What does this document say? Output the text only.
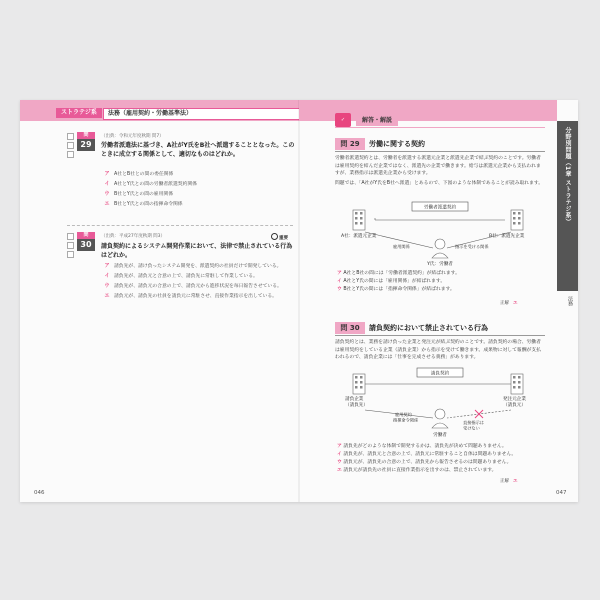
ストラテジ系	法務（雇用契約・労働基準法）
問
29
（出典：令和元年度秋期 問7）
労働者派遣法に基づき、A社がY氏をB社へ派遣することとなった。このときに成立する関係として、適切なものはどれか。
ア A社とB社との間の委任関係
イ A社とY氏との間の労働者派遣契約関係
ウ B社とY氏との間の雇用関係
エ B社とY氏との間の指揮命令関係
問
30
（出典：平成27年度秋期 問3）	重要
請負契約によるシステム開発作業において、法律で禁止されている行為はどれか。
ア 請負先が、請け負ったシステム開発を、派遣契約の社員だけで開発している。
イ 請負先が、請負元と合意の上で、請負先に常駐して作業している。
ウ 請負先が、請負元の合意の上で、請負元から進捗状況を毎日報告させている。
エ 請負元が、請負先の社員を請負元に常駐させ、直接作業指示を出している。
046
✓	解答・解説
問 29	労働に関する契約
労働者派遣契約とは、労働者を派遣する派遣元企業と派遣先企業で結ぶ契約のことです。労働者は雇用契約を結んだ企業ではなく、派遣先の企業で働きます。給与は派遣元企業から支払われますが、業務指示は派遣先企業から受けます。
問題では、「A社がY氏をB社へ派遣」とあるので、下図のような体制であることが読み取れます。
労働者派遣契約
A社：派遣元企業	B社：派遣先企業
Y氏：労働者
雇用関係	指示を受ける関係
ア A社とB社の間には「労働者派遣契約」が結ばれます。
イ A社とY氏の間には「雇用関係」が結ばれます。
ウ B社とY氏の間には「指揮命令関係」が結ばれます。
正解 エ
問 30	請負契約において禁止されている行為
請負契約とは、業務を請け負った企業と発注元が結ぶ契約のことです。請負契約の場合、労働者は雇用契約をしている企業（請負企業）から指示を受けて働きます。成果物に対して報酬が支払われるので、請負企業には「仕事を完成させる義務」があります。
請負契約
請負企業（請負先）
発注元企業（請負元）
労働者
雇用契約指揮命令関係	直接指示は受けない
ア 請負先がどのような体制で開発するかは、請負先が決めて問題ありません。
イ 請負先が、請負元と合意の上で、請負元に常駐すること自体は問題ありません。
ウ 請負元が、請負先の合意の上で、請負先から報告させるのは問題ありません。
エ 請負元が請負先の社員に直接作業指示を出すのは、禁止されています。
正解 エ
分野別問題（1章 ストラテジ系）
法務
047
